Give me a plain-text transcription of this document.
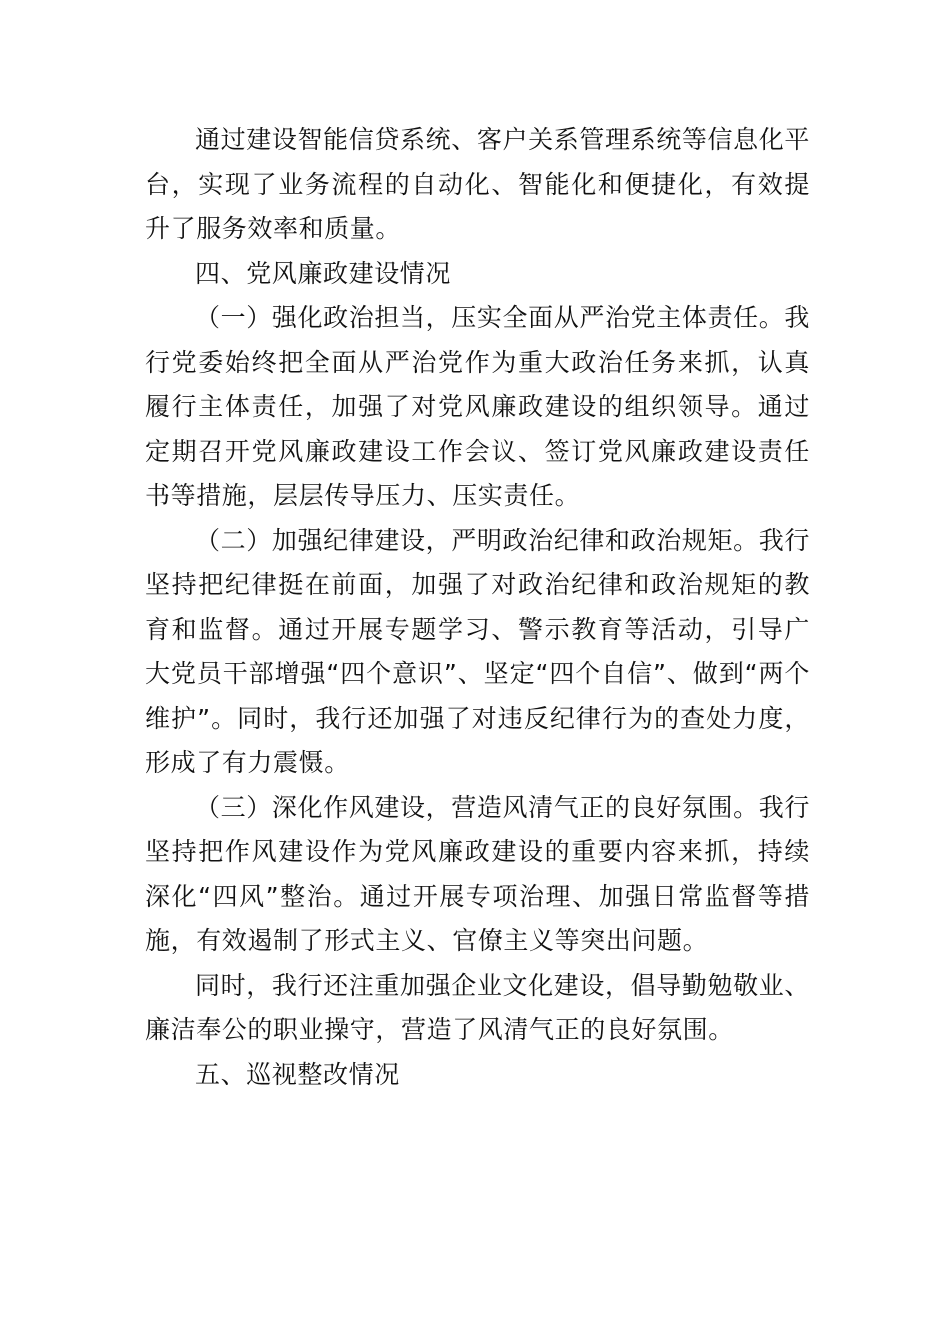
通过建设智能信贷系统、客户关系管理系统等信息化平台，实现了业务流程的自动化、智能化和便捷化，有效提升了服务效率和质量。

四、党风廉政建设情况

（一）强化政治担当，压实全面从严治党主体责任。我行党委始终把全面从严治党作为重大政治任务来抓，认真履行主体责任，加强了对党风廉政建设的组织领导。通过定期召开党风廉政建设工作会议、签订党风廉政建设责任书等措施，层层传导压力、压实责任。

（二）加强纪律建设，严明政治纪律和政治规矩。我行坚持把纪律挺在前面，加强了对政治纪律和政治规矩的教育和监督。通过开展专题学习、警示教育等活动，引导广大党员干部增强“四个意识”、坚定“四个自信”、做到“两个维护”。同时，我行还加强了对违反纪律行为的查处力度，形成了有力震慑。

（三）深化作风建设，营造风清气正的良好氛围。我行坚持把作风建设作为党风廉政建设的重要内容来抓，持续深化“四风”整治。通过开展专项治理、加强日常监督等措施，有效遏制了形式主义、官僚主义等突出问题。

同时，我行还注重加强企业文化建设，倡导勤勉敬业、廉洁奉公的职业操守，营造了风清气正的良好氛围。

五、巡视整改情况
